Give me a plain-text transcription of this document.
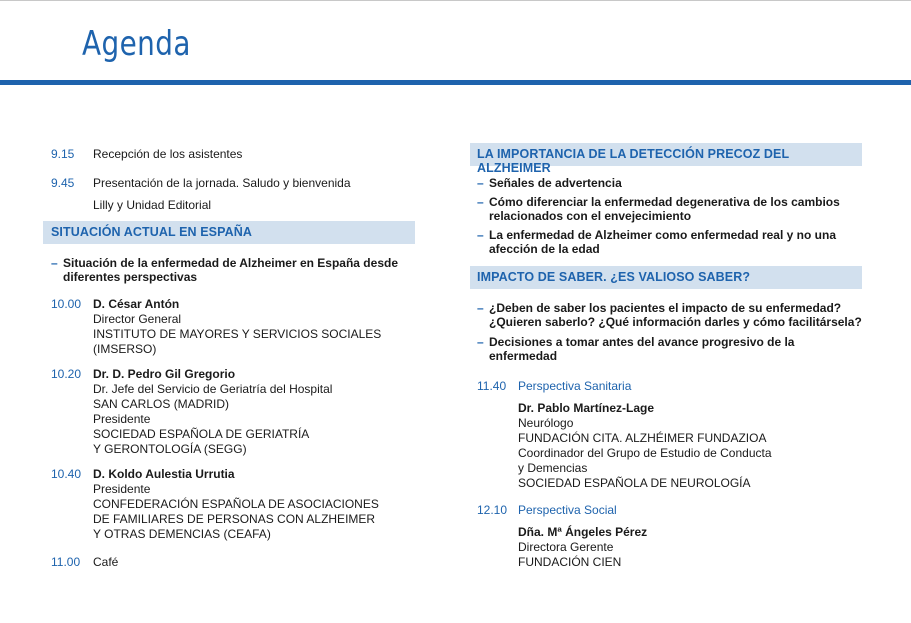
Agenda
9.15 Recepción de los asistentes
9.45 Presentación de la jornada. Saludo y bienvenida
Lilly y Unidad Editorial
SITUACIÓN ACTUAL EN ESPAÑA
– Situación de la enfermedad de Alzheimer en España desde diferentes perspectivas
10.00 D. César Antón
Director General
INSTITUTO DE MAYORES Y SERVICIOS SOCIALES
(IMSERSO)
10.20 Dr. D. Pedro Gil Gregorio
Dr. Jefe del Servicio de Geriatría del Hospital
SAN CARLOS (MADRID)
Presidente
SOCIEDAD ESPAÑOLA DE GERIATRÍA
Y GERONTOLOGÍA (SEGG)
10.40 D. Koldo Aulestia Urrutia
Presidente
CONFEDERACIÓN ESPAÑOLA DE ASOCIACIONES
DE FAMILIARES DE PERSONAS CON ALZHEIMER
Y OTRAS DEMENCIAS (CEAFA)
11.00 Café
LA IMPORTANCIA DE LA DETECCIÓN PRECOZ DEL ALZHEIMER
– Señales de advertencia
– Cómo diferenciar la enfermedad degenerativa de los cambios relacionados con el envejecimiento
– La enfermedad de Alzheimer como enfermedad real y no una afección de la edad
IMPACTO DE SABER. ¿ES VALIOSO SABER?
– ¿Deben de saber los pacientes el impacto de su enfermedad? ¿Quieren saberlo? ¿Qué información darles y cómo facilitársela?
– Decisiones a tomar antes del avance progresivo de la enfermedad
11.40 Perspectiva Sanitaria
Dr. Pablo Martínez-Lage
Neurólogo
FUNDACIÓN CITA. ALZHÉIMER FUNDAZIOA
Coordinador del Grupo de Estudio de Conducta
y Demencias
SOCIEDAD ESPAÑOLA DE NEUROLOGÍA
12.10 Perspectiva Social
Dña. Mª Ángeles Pérez
Directora Gerente
FUNDACIÓN CIEN
